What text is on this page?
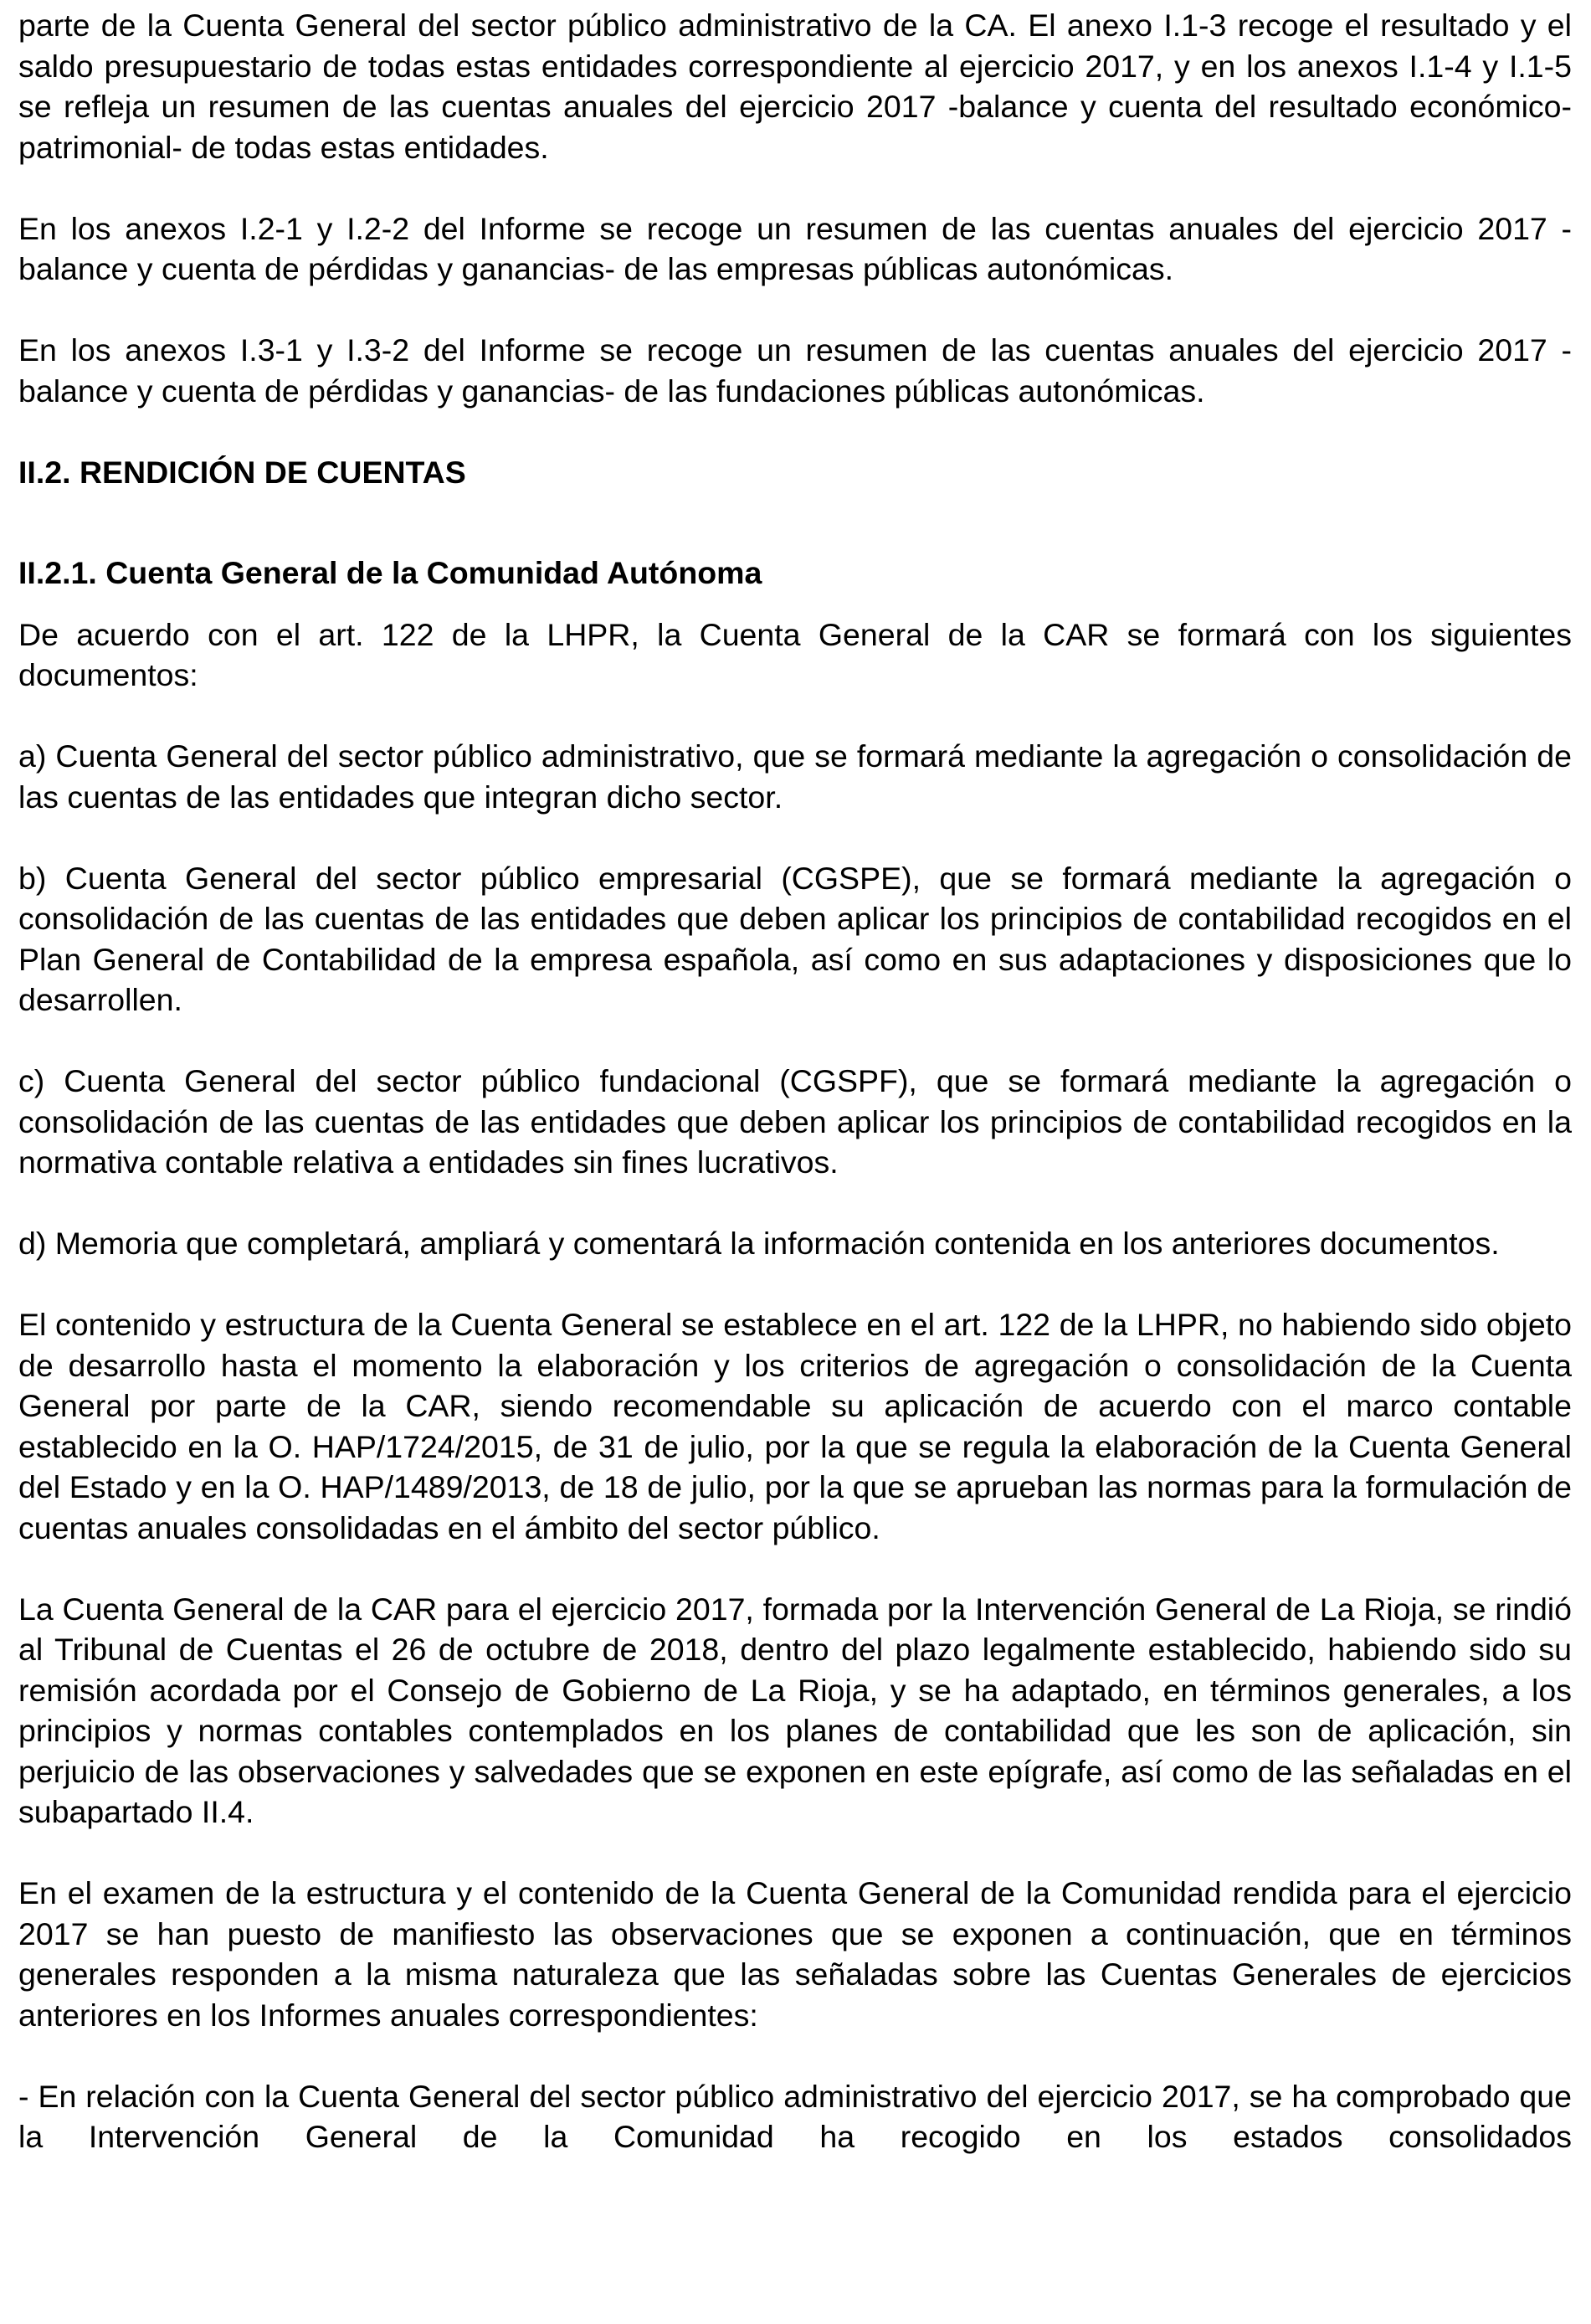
parte de la Cuenta General del sector público administrativo de la CA. El anexo I.1-3 recoge el resultado y el saldo presupuestario de todas estas entidades correspondiente al ejercicio 2017, y en los anexos I.1-4 y I.1-5 se refleja un resumen de las cuentas anuales del ejercicio 2017 -balance y cuenta del resultado económico-patrimonial- de todas estas entidades.

En los anexos I.2-1 y I.2-2 del Informe se recoge un resumen de las cuentas anuales del ejercicio 2017 -balance y cuenta de pérdidas y ganancias- de las empresas públicas autonómicas.

En los anexos I.3-1 y I.3-2 del Informe se recoge un resumen de las cuentas anuales del ejercicio 2017 -balance y cuenta de pérdidas y ganancias- de las fundaciones públicas autonómicas.

II.2. RENDICIÓN DE CUENTAS
II.2.1. Cuenta General de la Comunidad Autónoma

De acuerdo con el art. 122 de la LHPR, la Cuenta General de la CAR se formará con los siguientes documentos:

a) Cuenta General del sector público administrativo, que se formará mediante la agregación o consolidación de las cuentas de las entidades que integran dicho sector.

b) Cuenta General del sector público empresarial (CGSPE), que se formará mediante la agregación o consolidación de las cuentas de las entidades que deben aplicar los principios de contabilidad recogidos en el Plan General de Contabilidad de la empresa española, así como en sus adaptaciones y disposiciones que lo desarrollen.

c) Cuenta General del sector público fundacional (CGSPF), que se formará mediante la agregación o consolidación de las cuentas de las entidades que deben aplicar los principios de contabilidad recogidos en la normativa contable relativa a entidades sin fines lucrativos.

d) Memoria que completará, ampliará y comentará la información contenida en los anteriores documentos.

El contenido y estructura de la Cuenta General se establece en el art. 122 de la LHPR, no habiendo sido objeto de desarrollo hasta el momento la elaboración y los criterios de agregación o consolidación de la Cuenta General por parte de la CAR, siendo recomendable su aplicación de acuerdo con el marco contable establecido en la O. HAP/1724/2015, de 31 de julio, por la que se regula la elaboración de la Cuenta General del Estado y en la O. HAP/1489/2013, de 18 de julio, por la que se aprueban las normas para la formulación de cuentas anuales consolidadas en el ámbito del sector público.

La Cuenta General de la CAR para el ejercicio 2017, formada por la Intervención General de La Rioja, se rindió al Tribunal de Cuentas el 26 de octubre de 2018, dentro del plazo legalmente establecido, habiendo sido su remisión acordada por el Consejo de Gobierno de La Rioja, y se ha adaptado, en términos generales, a los principios y normas contables contemplados en los planes de contabilidad que les son de aplicación, sin perjuicio de las observaciones y salvedades que se exponen en este epígrafe, así como de las señaladas en el subapartado II.4.

En el examen de la estructura y el contenido de la Cuenta General de la Comunidad rendida para el ejercicio 2017 se han puesto de manifiesto las observaciones que se exponen a continuación, que en términos generales responden a la misma naturaleza que las señaladas sobre las Cuentas Generales de ejercicios anteriores en los Informes anuales correspondientes:

- En relación con la Cuenta General del sector público administrativo del ejercicio 2017, se ha comprobado que la Intervención General de la Comunidad ha recogido en los estados consolidados
